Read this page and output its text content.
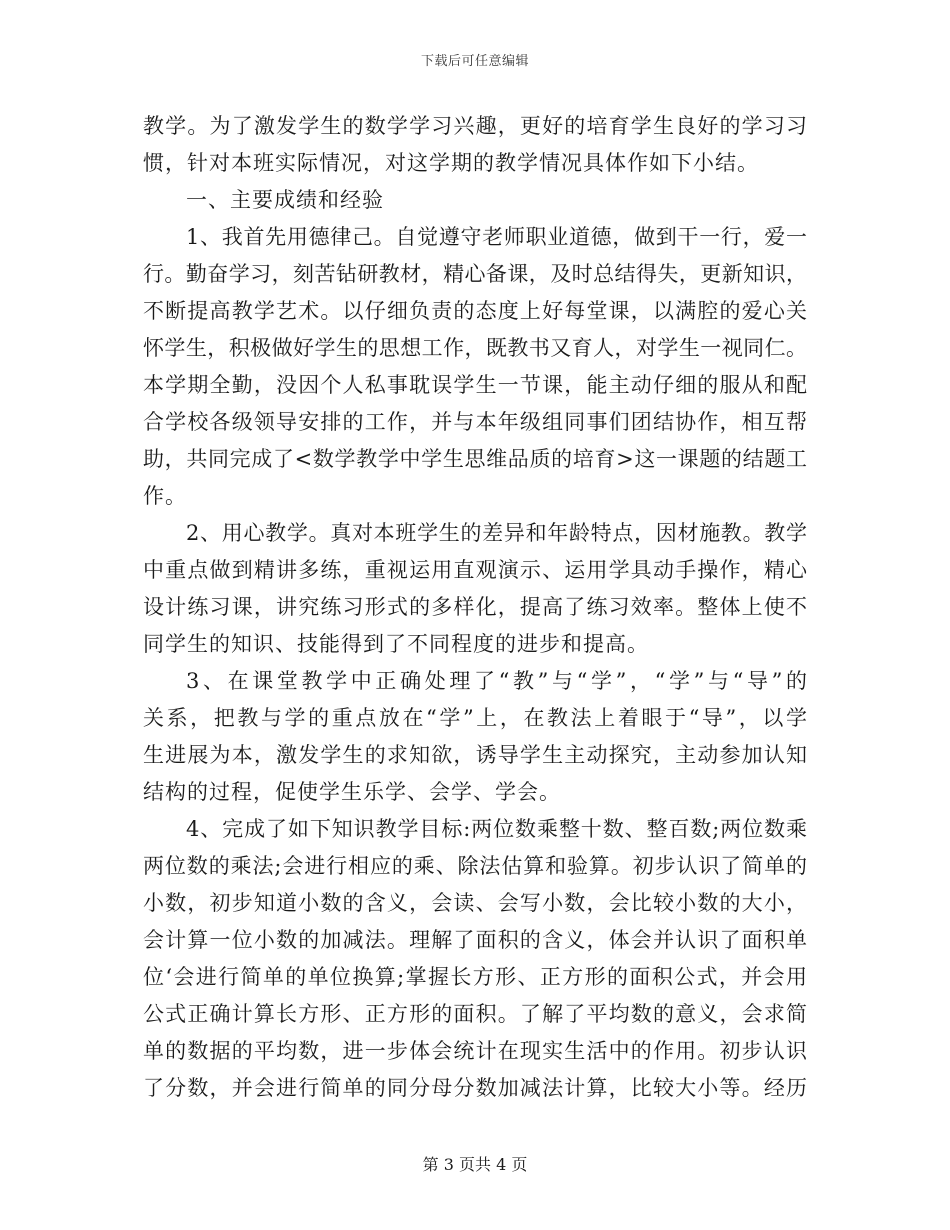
下载后可任意编辑
教学。为了激发学生的数学学习兴趣，更好的培育学生良好的学习习
惯，针对本班实际情况，对这学期的教学情况具体作如下小结。
一、主要成绩和经验
1、我首先用德律己。自觉遵守老师职业道德，做到干一行，爱一
行。勤奋学习，刻苦钻研教材，精心备课，及时总结得失，更新知识，
不断提高教学艺术。以仔细负责的态度上好每堂课，以满腔的爱心关
怀学生，积极做好学生的思想工作，既教书又育人，对学生一视同仁。
本学期全勤，没因个人私事耽误学生一节课，能主动仔细的服从和配
合学校各级领导安排的工作，并与本年级组同事们团结协作，相互帮
助，共同完成了<数学教学中学生思维品质的培育>这一课题的结题工
作。
2、用心教学。真对本班学生的差异和年龄特点，因材施教。教学
中重点做到精讲多练，重视运用直观演示、运用学具动手操作，精心
设计练习课，讲究练习形式的多样化，提高了练习效率。整体上使不
同学生的知识、技能得到了不同程度的进步和提高。
3、在课堂教学中正确处理了“教”与“学”，“学”与“导”的
关系，把教与学的重点放在“学”上，在教法上着眼于“导”，以学
生进展为本，激发学生的求知欲，诱导学生主动探究，主动参加认知
结构的过程，促使学生乐学、会学、学会。
4、完成了如下知识教学目标:两位数乘整十数、整百数;两位数乘
两位数的乘法;会进行相应的乘、除法估算和验算。初步认识了简单的
小数，初步知道小数的含义，会读、会写小数，会比较小数的大小，
会计算一位小数的加减法。理解了面积的含义，体会并认识了面积单
位‘会进行简单的单位换算;掌握长方形、正方形的面积公式，并会用
公式正确计算长方形、正方形的面积。了解了平均数的意义，会求简
单的数据的平均数，进一步体会统计在现实生活中的作用。初步认识
了分数，并会进行简单的同分母分数加减法计算，比较大小等。经历
第 3 页共 4 页
